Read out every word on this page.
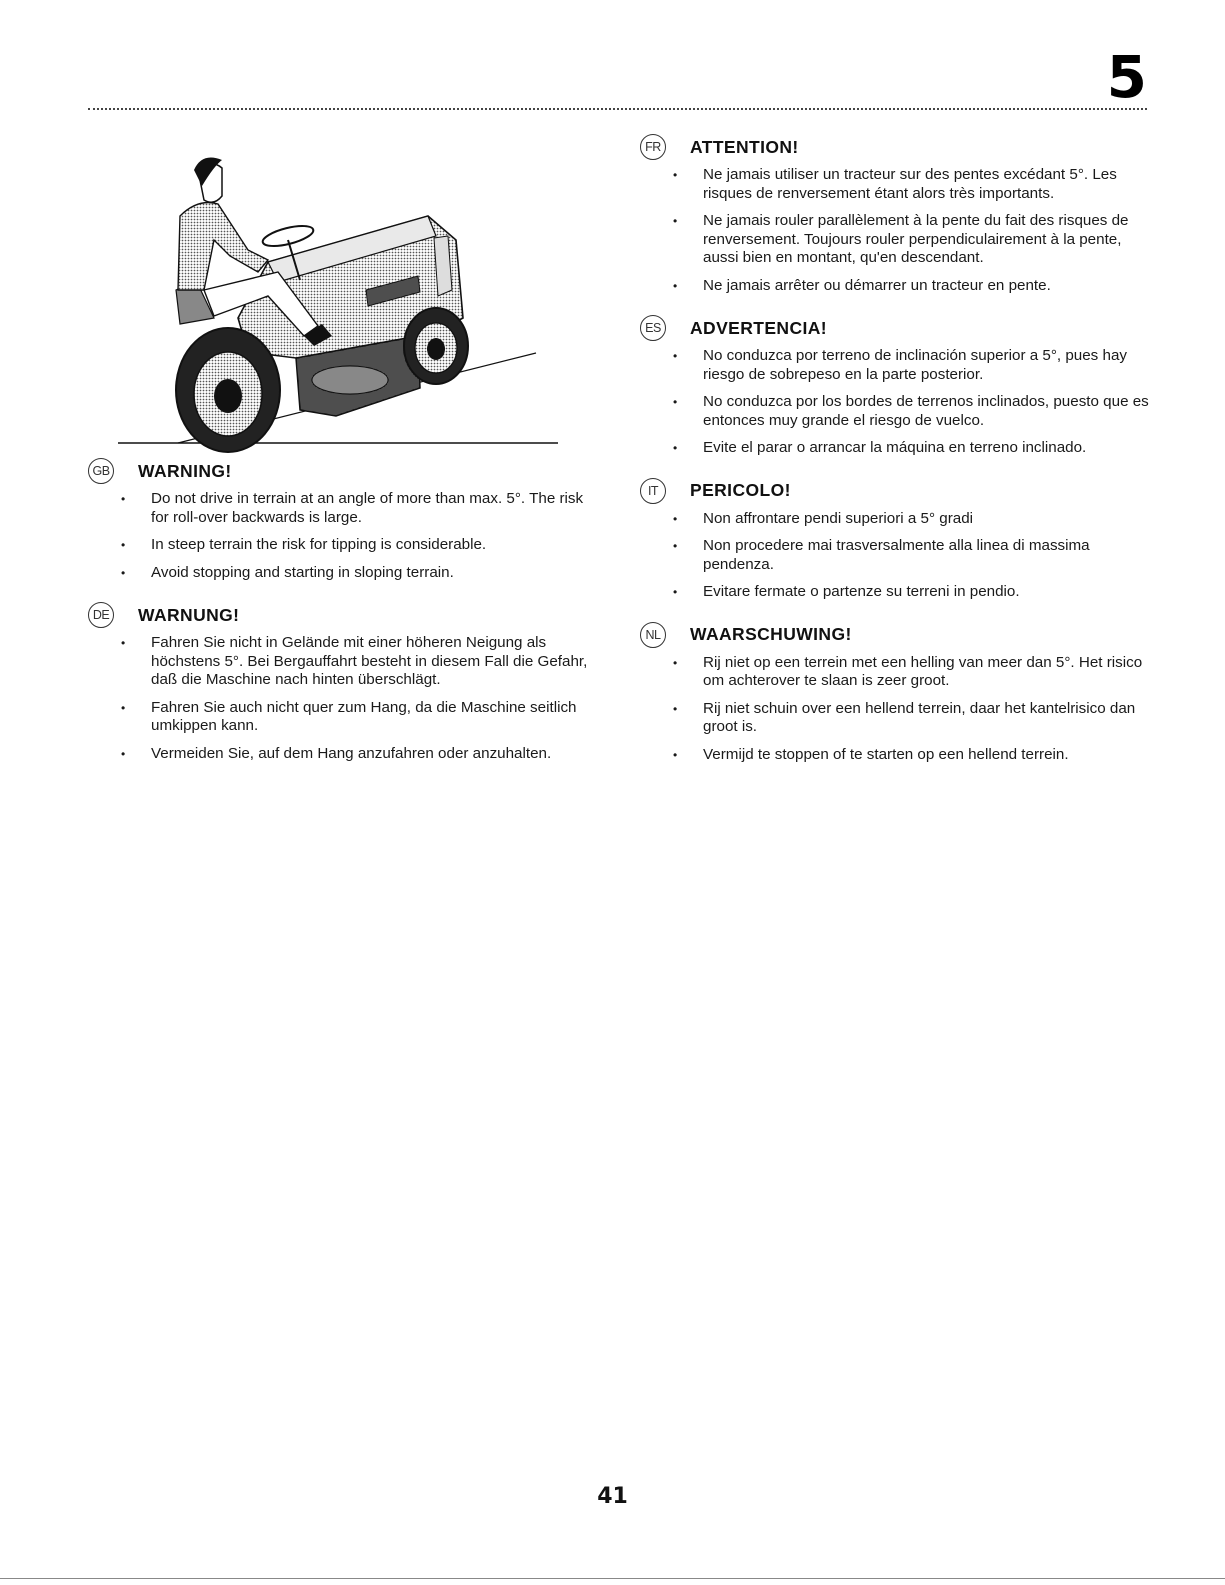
5
GB WARNING!
• Do not drive in terrain at an angle of more than max. 5°. The risk for roll-over backwards is large.
• In steep terrain the risk for tipping is considerable.
• Avoid stopping and starting in sloping terrain.
DE WARNUNG!
• Fahren Sie nicht in Gelände mit einer höheren Neigung als höchstens 5°. Bei Bergauffahrt besteht in diesem Fall die Gefahr, daß die Maschine nach hinten überschlägt.
• Fahren Sie auch nicht quer zum Hang, da die Maschine seitlich umkippen kann.
• Vermeiden Sie, auf dem Hang anzufahren oder anzuhalten.
FR ATTENTION!
• Ne jamais utiliser un tracteur sur des pentes excédant 5°. Les risques de renversement étant alors très importants.
• Ne jamais rouler parallèlement à la pente du fait des risques de renversement. Toujours rouler perpendiculairement à la pente, aussi bien en montant, qu'en descendant.
• Ne jamais arrêter ou démarrer un tracteur en pente.
ES ADVERTENCIA!
• No conduzca por terreno de inclinación superior a 5°, pues hay riesgo de sobrepeso en la parte posterior.
• No conduzca por los bordes de terrenos inclinados, puesto que es entonces muy grande el riesgo de vuelco.
• Evite el parar o arrancar la máquina en terreno inclinado.
IT	PERICOLO!
• Non affrontare pendi superiori a 5° gradi
• Non procedere mai trasversalmente alla linea di massima pendenza.
• Evitare fermate o partenze su terreni in pendio.
NL	WAARSCHUWING!
• Rij niet op een terrein met een helling van meer dan 5°. Het risico om achterover te slaan is zeer groot.
• Rij niet schuin over een hellend terrein, daar het kantelrisico dan groot is.
• Vermijd te stoppen of te starten op een hellend terrein.
41
